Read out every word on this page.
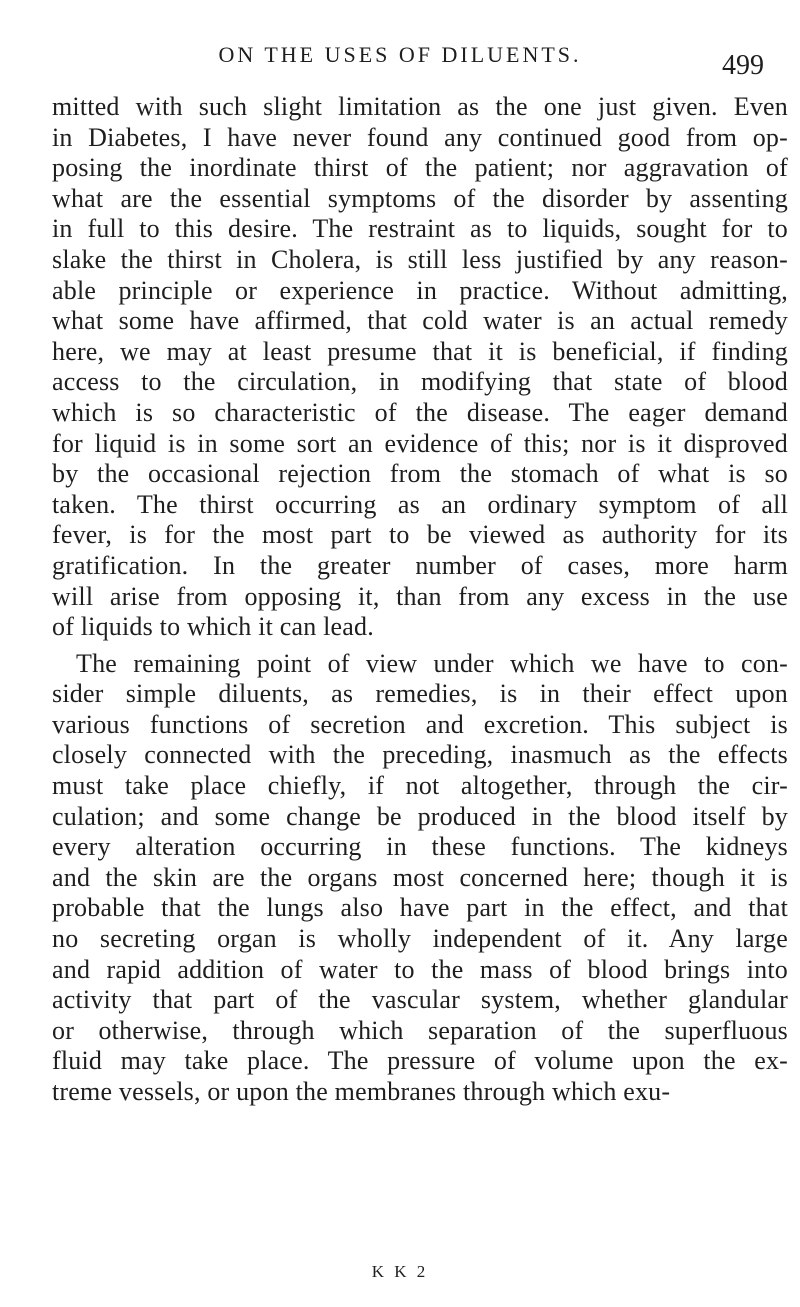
ON THE USES OF DILUENTS.	499
mitted with such slight limitation as the one just given. Even
in Diabetes, I have never found any continued good from op-
posing the inordinate thirst of the patient; nor aggravation of
what are the essential symptoms of the disorder by assenting
in full to this desire. The restraint as to liquids, sought for to
slake the thirst in Cholera, is still less justified by any reason-
able principle or experience in practice. Without admitting,
what some have affirmed, that cold water is an actual remedy
here, we may at least presume that it is beneficial, if finding
access to the circulation, in modifying that state of blood
which is so characteristic of the disease. The eager demand
for liquid is in some sort an evidence of this; nor is it disproved
by the occasional rejection from the stomach of what is so
taken. The thirst occurring as an ordinary symptom of all
fever, is for the most part to be viewed as authority for its
gratification. In the greater number of cases, more harm
will arise from opposing it, than from any excess in the use
of liquids to which it can lead.
The remaining point of view under which we have to con-
sider simple diluents, as remedies, is in their effect upon
various functions of secretion and excretion. This subject is
closely connected with the preceding, inasmuch as the effects
must take place chiefly, if not altogether, through the cir-
culation; and some change be produced in the blood itself by
every alteration occurring in these functions. The kidneys
and the skin are the organs most concerned here; though it is
probable that the lungs also have part in the effect, and that
no secreting organ is wholly independent of it. Any large
and rapid addition of water to the mass of blood brings into
activity that part of the vascular system, whether glandular
or otherwise, through which separation of the superfluous
fluid may take place. The pressure of volume upon the ex-
treme vessels, or upon the membranes through which exu-
K K 2
